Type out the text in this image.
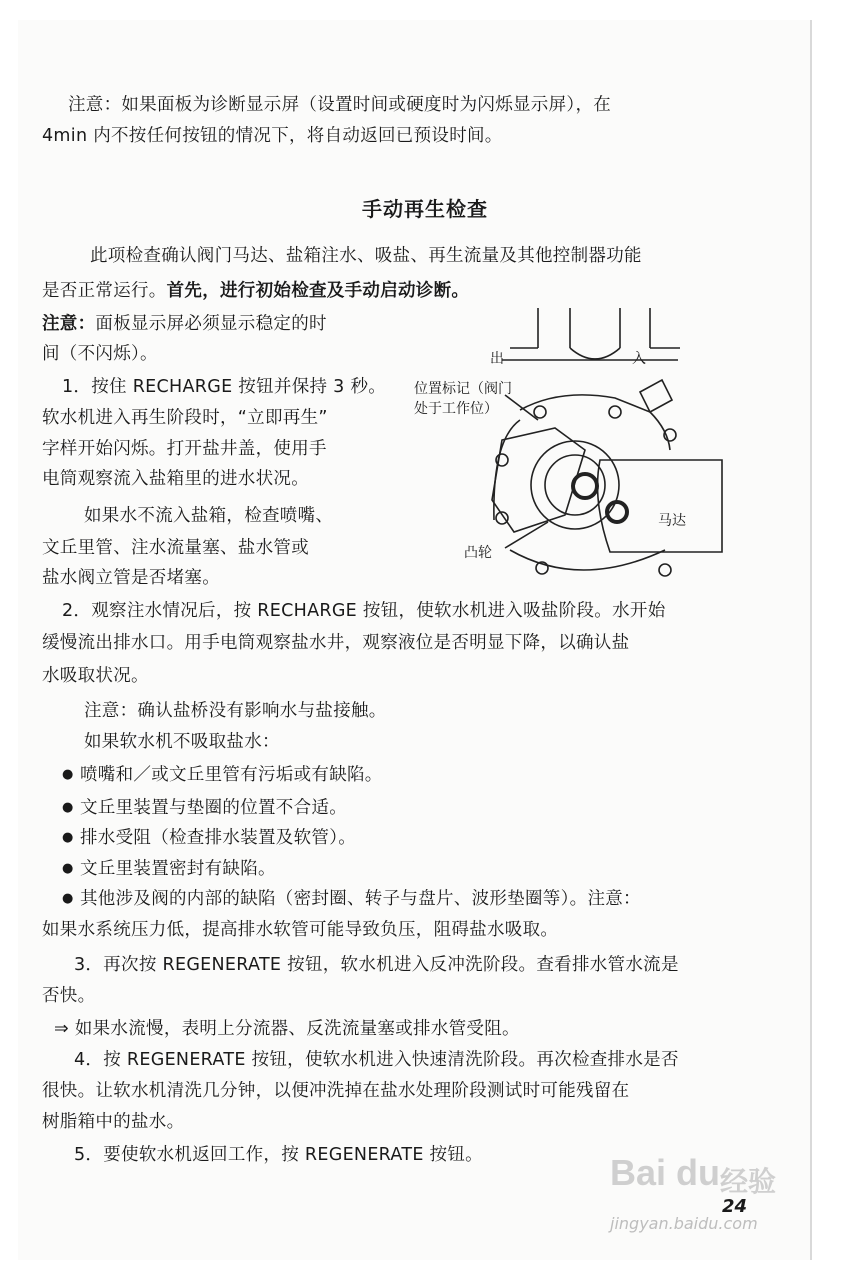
注意：如果面板为诊断显示屏（设置时间或硬度时为闪烁显示屏），在
4min 内不按任何按钮的情况下，将自动返回已预设时间。
手动再生检查
此项检查确认阀门马达、盐箱注水、吸盐、再生流量及其他控制器功能
是否正常运行。首先，进行初始检查及手动启动诊断。
注意：面板显示屏必须显示稳定的时
间（不闪烁）。
1．按住 RECHARGE 按钮并保持 3 秒。
软水机进入再生阶段时，“立即再生”
字样开始闪烁。打开盐井盖，使用手
电筒观察流入盐箱里的进水状况。
如果水不流入盐箱，检查喷嘴、
文丘里管、注水流量塞、盐水管或
盐水阀立管是否堵塞。
出	入
位置标记（阀门
处于工作位）
马达
凸轮
2．观察注水情况后，按 RECHARGE 按钮，使软水机进入吸盐阶段。水开始
缓慢流出排水口。用手电筒观察盐水井，观察液位是否明显下降，以确认盐
水吸取状况。
注意：确认盐桥没有影响水与盐接触。
如果软水机不吸取盐水：
● 喷嘴和／或文丘里管有污垢或有缺陷。
● 文丘里装置与垫圈的位置不合适。
● 排水受阻（检查排水装置及软管）。
● 文丘里装置密封有缺陷。
● 其他涉及阀的内部的缺陷（密封圈、转子与盘片、波形垫圈等）。注意：
如果水系统压力低，提高排水软管可能导致负压，阻碍盐水吸取。
3．再次按 REGENERATE 按钮，软水机进入反冲洗阶段。查看排水管水流是
否快。
⇒ 如果水流慢，表明上分流器、反洗流量塞或排水管受阻。
4．按 REGENERATE 按钮，使软水机进入快速清洗阶段。再次检查排水是否
很快。让软水机清洗几分钟，以便冲洗掉在盐水处理阶段测试时可能残留在
树脂箱中的盐水。
5．要使软水机返回工作，按 REGENERATE 按钮。	Bai du 经验
jingyan.baidu.com
24
